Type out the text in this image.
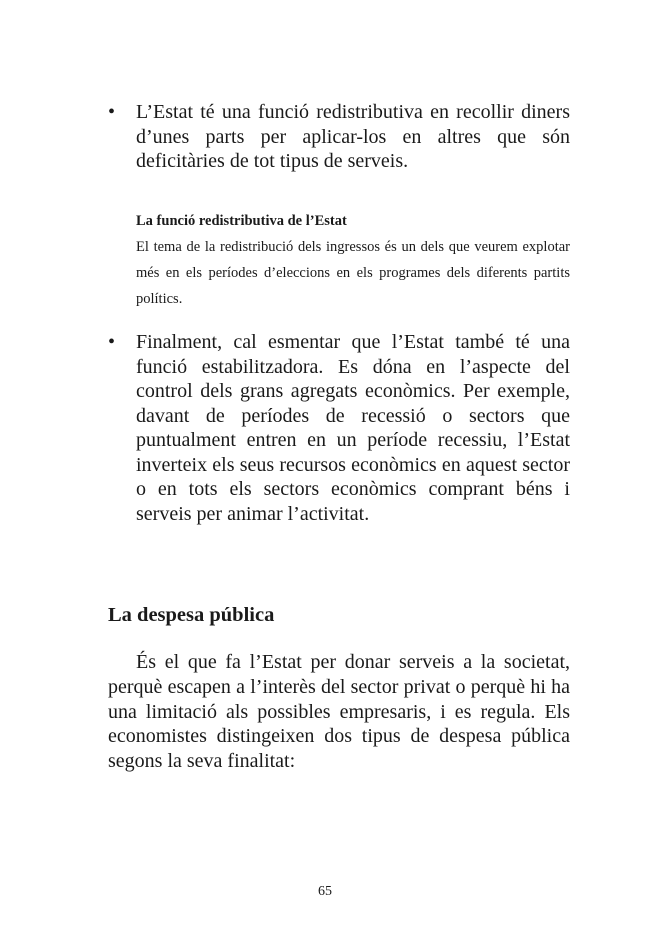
• L’Estat té una funció redistributiva en recollir diners d’unes parts per aplicar-los en altres que són deficitàries de tot tipus de serveis.
La funció redistributiva de l’Estat
El tema de la redistribució dels ingressos és un dels que veurem explotar més en els períodes d’eleccions en els programes dels diferents partits polítics.
• Finalment, cal esmentar que l’Estat també té una funció estabilitzadora. Es dóna en l’aspecte del control dels grans agregats econòmics. Per exemple, davant de períodes de recessió o sectors que puntualment entren en un període recessiu, l’Estat inverteix els seus recursos econòmics en aquest sector o en tots els sectors econòmics comprant béns i serveis per animar l’activitat.
La despesa pública
És el que fa l’Estat per donar serveis a la societat, perquè escapen a l’interès del sector privat o perquè hi ha una limitació als possibles empresaris, i es regula. Els economistes distingeixen dos tipus de despesa pública segons la seva finalitat:
65
